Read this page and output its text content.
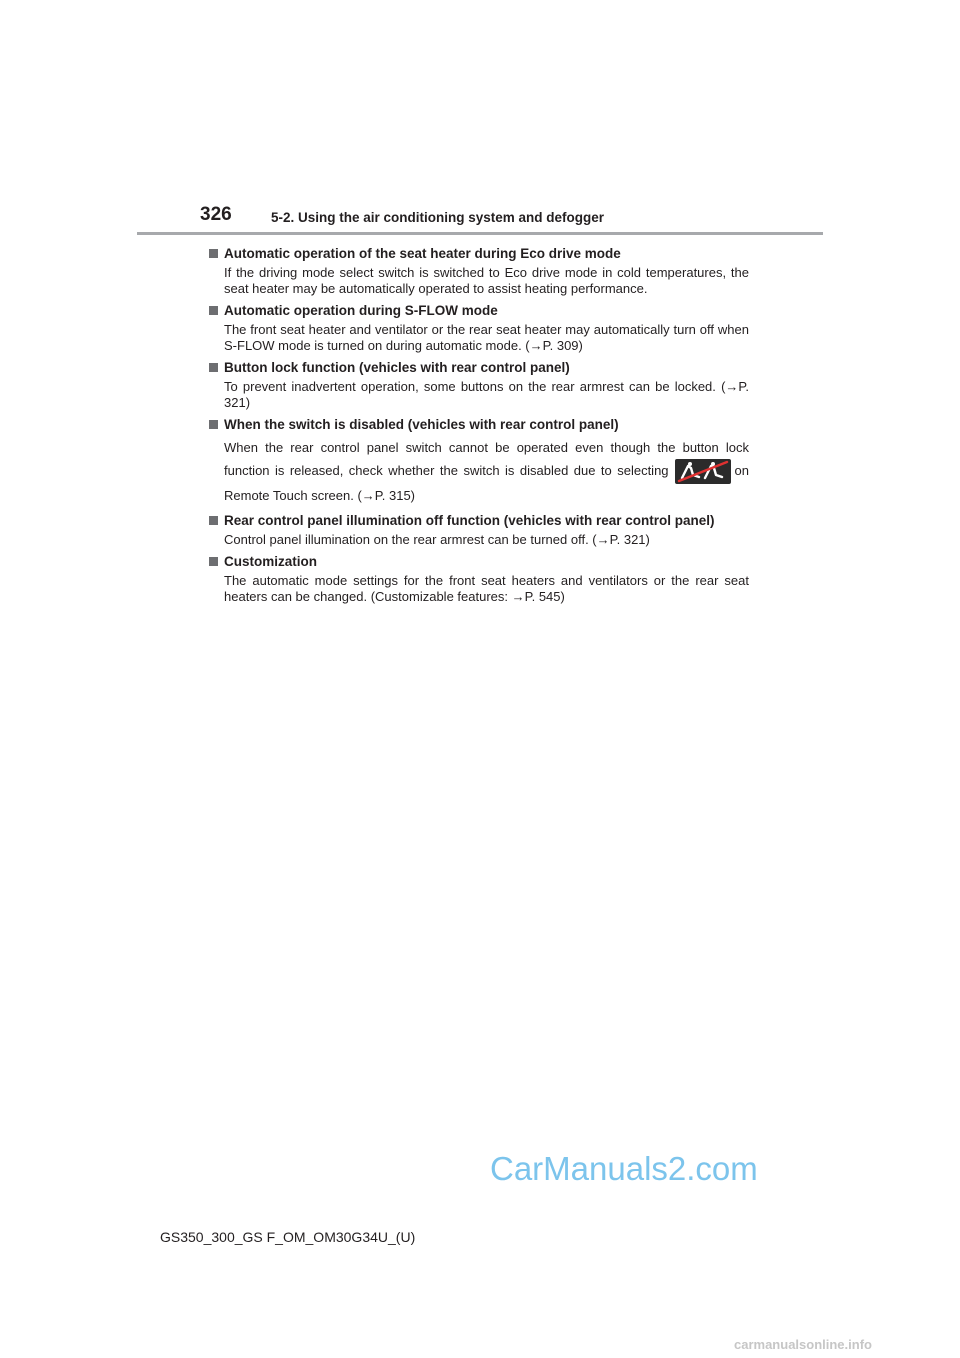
326	5-2. Using the air conditioning system and defogger
Automatic operation of the seat heater during Eco drive mode
If the driving mode select switch is switched to Eco drive mode in cold temperatures, the seat heater may be automatically operated to assist heating performance.
Automatic operation during S-FLOW mode
The front seat heater and ventilator or the rear seat heater may automatically turn off when S-FLOW mode is turned on during automatic mode. (→P. 309)
Button lock function (vehicles with rear control panel)
To prevent inadvertent operation, some buttons on the rear armrest can be locked. (→P. 321)
When the switch is disabled (vehicles with rear control panel)
When the rear control panel switch cannot be operated even though the button lock function is released, check whether the switch is disabled due to selecting	on Remote Touch screen. (→P. 315)
Rear control panel illumination off function (vehicles with rear control panel)
Control panel illumination on the rear armrest can be turned off. (→P. 321)
Customization
The automatic mode settings for the front seat heaters and ventilators or the rear seat heaters can be changed. (Customizable features: →P. 545)
CarManuals2.com
GS350_300_GS F_OM_OM30G34U_(U)
carmanualsonline.info
